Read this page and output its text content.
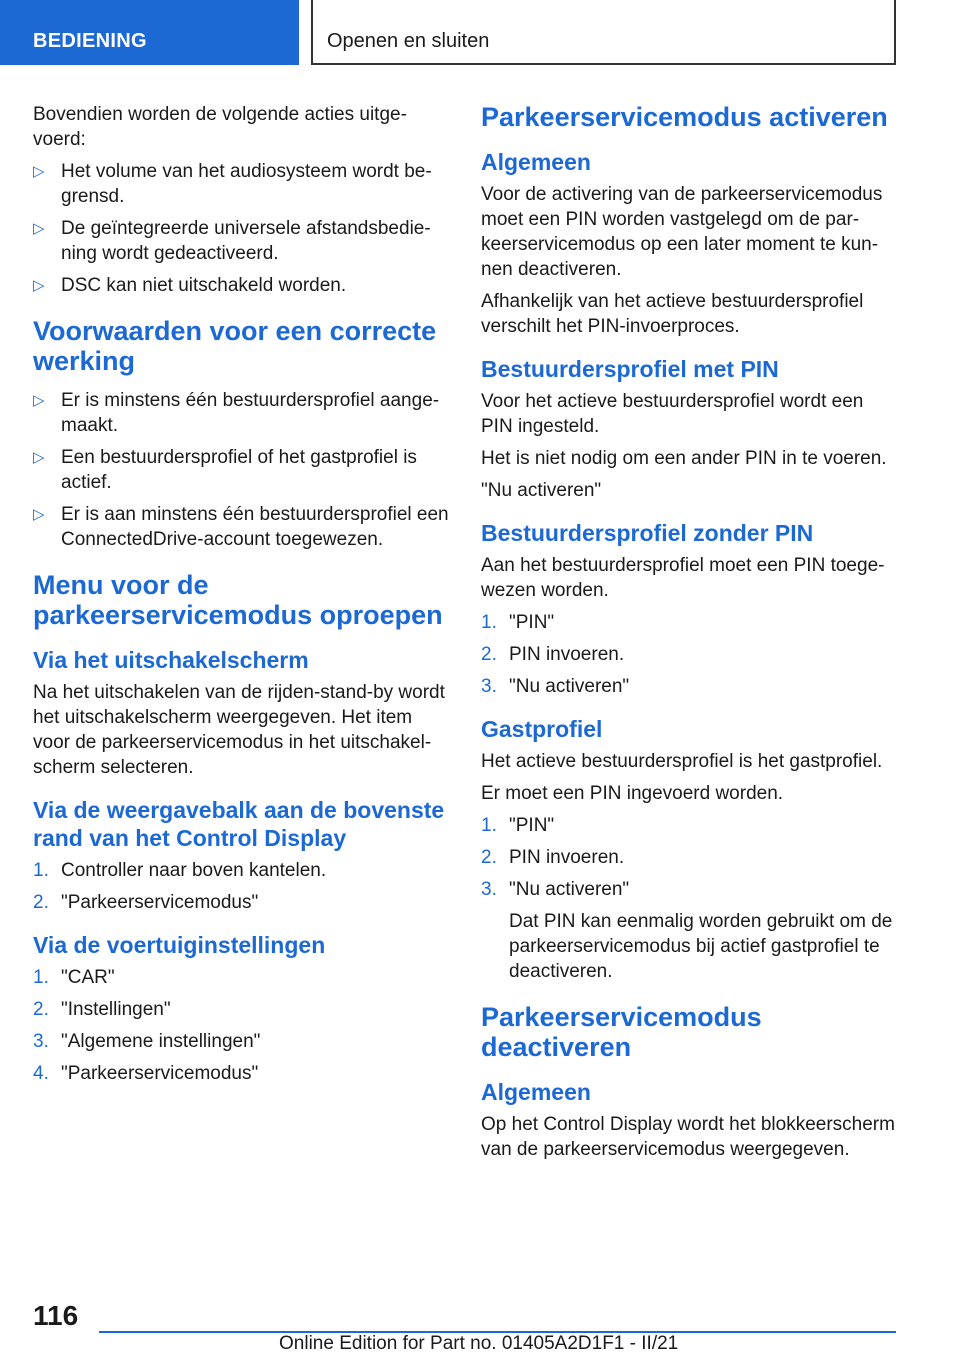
BEDIENING	Openen en sluiten

Bovendien worden de volgende acties uitgevoerd:

▷ Het volume van het audiosysteem wordt begrensd.
▷ De geïntegreerde universele afstandsbediening wordt gedeactiveerd.
▷ DSC kan niet uitschakeld worden.
Voorwaarden voor een correcte werking
▷ Er is minstens één bestuurdersprofiel aangemaakt.
▷ Een bestuurdersprofiel of het gastprofiel is actief.
▷ Er is aan minstens één bestuurdersprofiel een ConnectedDrive-account toegewezen.
Menu voor de parkeerservicemodus oproepen
Via het uitschakelscherm

Na het uitschakelen van de rijden-stand-by wordt het uitschakelscherm weergegeven. Het item voor de parkeerservicemodus in het uitschakelscherm selecteren.

Via de weergavebalk aan de bovenste rand van het Control Display
1. Controller naar boven kantelen.
2. "Parkeerservicemodus"
Via de voertuiginstellingen
1. "CAR"
2. "Instellingen"
3. "Algemene instellingen"
4. "Parkeerservicemodus"
Parkeerservicemodus activeren
Algemeen

Voor de activering van de parkeerservicemodus moet een PIN worden vastgelegd om de parkeerservicemodus op een later moment te kunnen deactiveren.

Afhankelijk van het actieve bestuurdersprofiel verschilt het PIN-invoerproces.

Bestuurdersprofiel met PIN

Voor het actieve bestuurdersprofiel wordt een PIN ingesteld.

Het is niet nodig om een ander PIN in te voeren.

"Nu activeren"

Bestuurdersprofiel zonder PIN

Aan het bestuurdersprofiel moet een PIN toegewezen worden.

1. "PIN"
2. PIN invoeren.
3. "Nu activeren"
Gastprofiel

Het actieve bestuurdersprofiel is het gastprofiel.

Er moet een PIN ingevoerd worden.

1. "PIN"
2. PIN invoeren.
3. "Nu activeren"
Dat PIN kan eenmalig worden gebruikt om de parkeerservicemodus bij actief gastprofiel te deactiveren.
Parkeerservicemodus deactiveren
Algemeen

Op het Control Display wordt het blokkeerscherm van de parkeerservicemodus weergegeven.

116
Online Edition for Part no. 01405A2D1F1 - II/21
